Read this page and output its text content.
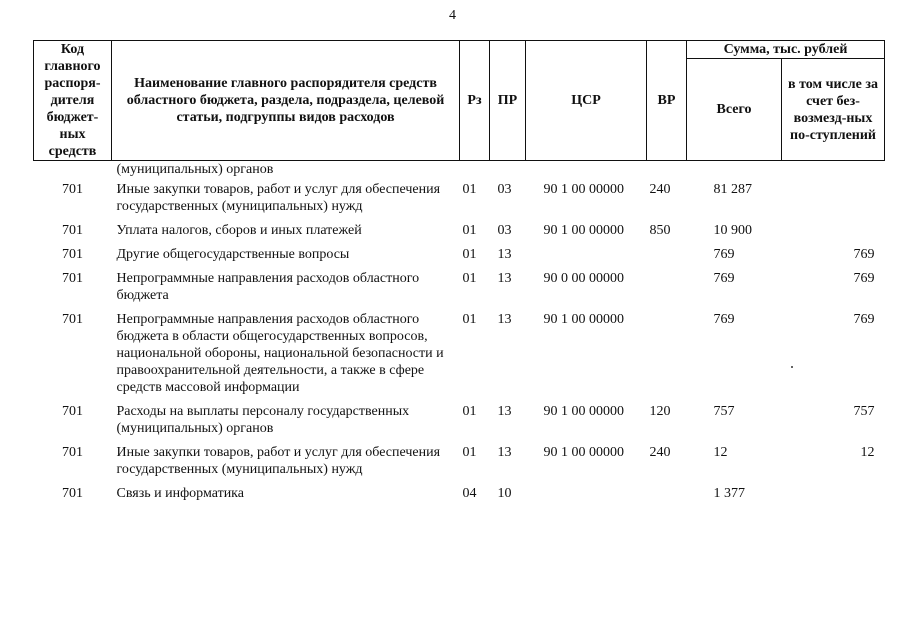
4
Код главного распоря-дителя бюджет-ных средств	Наименование главного распорядителя средств областного бюджета, раздела, подраздела, целевой статьи, подгруппы видов расходов	Рз	ПР	ЦСР	ВР	Сумма, тыс. рублей	
						Всего	в том числе за счет без-возмезд-ных по-ступлений
	(муниципальных) органов						
701	Иные закупки товаров, работ и услуг для обеспечения государственных (муниципальных) нужд	01	03	90 1 00 00000	240	81 287	
701	Уплата налогов, сборов и иных платежей	01	03	90 1 00 00000	850	10 900	
701	Другие общегосударственные вопросы	01	13			769	769
701	Непрограммные направления расходов областного бюджета	01	13	90 0 00 00000		769	769
701	Непрограммные направления расходов областного бюджета в области общегосударственных вопросов, национальной обороны, национальной безопасности и правоохранительной деятельности, а также в сфере средств массовой информации	01	13	90 1 00 00000		769	769
701	Расходы на выплаты персоналу государственных (муниципальных) органов	01	13	90 1 00 00000	120	757	757
701	Иные закупки товаров, работ и услуг для обеспечения государственных (муниципальных) нужд	01	13	90 1 00 00000	240	12	12
701	Связь и информатика	04	10			1 377	
